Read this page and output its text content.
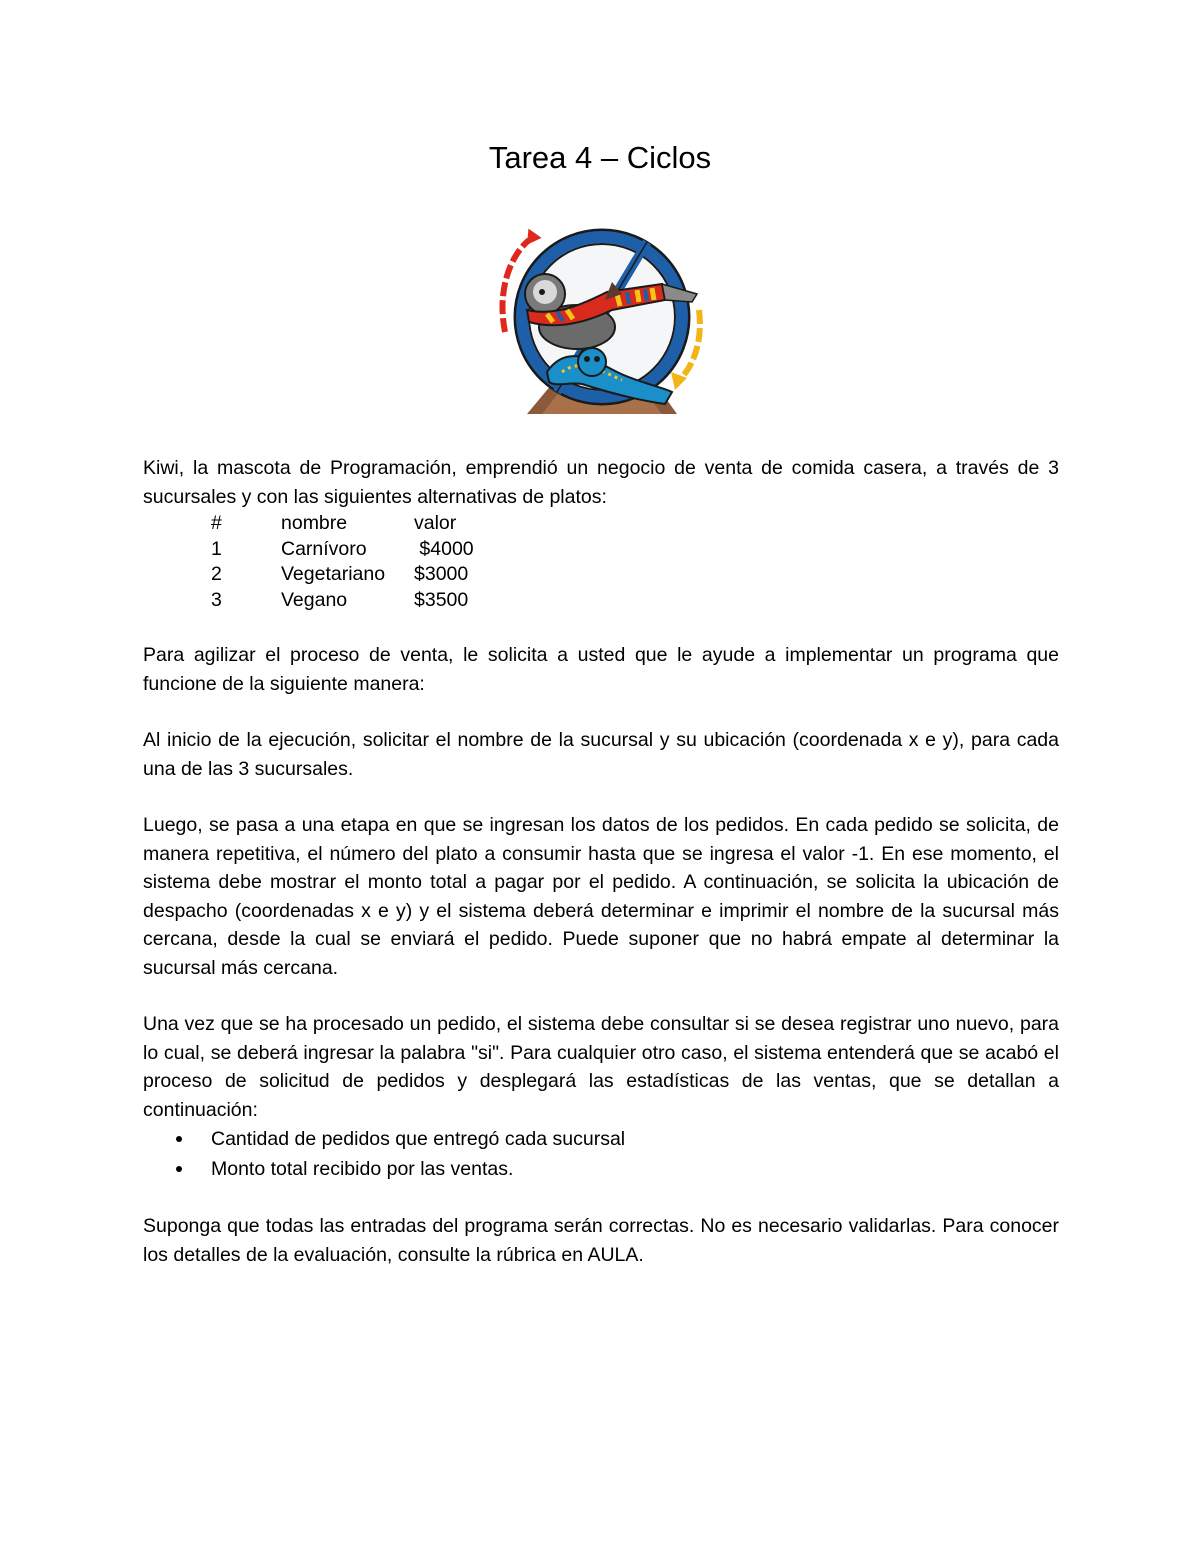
Tarea 4 – Ciclos

Kiwi, la mascota de Programación, emprendió un negocio de venta de comida casera, a través de 3 sucursales y con las siguientes alternativas de platos:

#	nombre	valor
1	Carnívoro	$4000
2	Vegetariano	$3000
3	Vegano	$3500

Para agilizar el proceso de venta, le solicita a usted que le ayude a implementar un programa que funcione de la siguiente manera:

Al inicio de la ejecución, solicitar el nombre de la sucursal y su ubicación (coordenada x e y), para cada una de las 3 sucursales.

Luego, se pasa a una etapa en que se ingresan los datos de los pedidos. En cada pedido se solicita, de manera repetitiva, el número del plato a consumir hasta que se ingresa el valor -1. En ese momento, el sistema debe mostrar el monto total a pagar por el pedido. A continuación, se solicita la ubicación de despacho (coordenadas x e y) y el sistema deberá determinar e imprimir el nombre de la sucursal más cercana, desde la cual se enviará el pedido. Puede suponer que no habrá empate al determinar la sucursal más cercana.

Una vez que se ha procesado un pedido, el sistema debe consultar si se desea registrar uno nuevo, para lo cual, se deberá ingresar la palabra "si". Para cualquier otro caso, el sistema entenderá que se acabó el proceso de solicitud de pedidos y desplegará las estadísticas de las ventas, que se detallan a continuación:

Cantidad de pedidos que entregó cada sucursal
Monto total recibido por las ventas.

Suponga que todas las entradas del programa serán correctas. No es necesario validarlas. Para conocer los detalles de la evaluación, consulte la rúbrica en AULA.
